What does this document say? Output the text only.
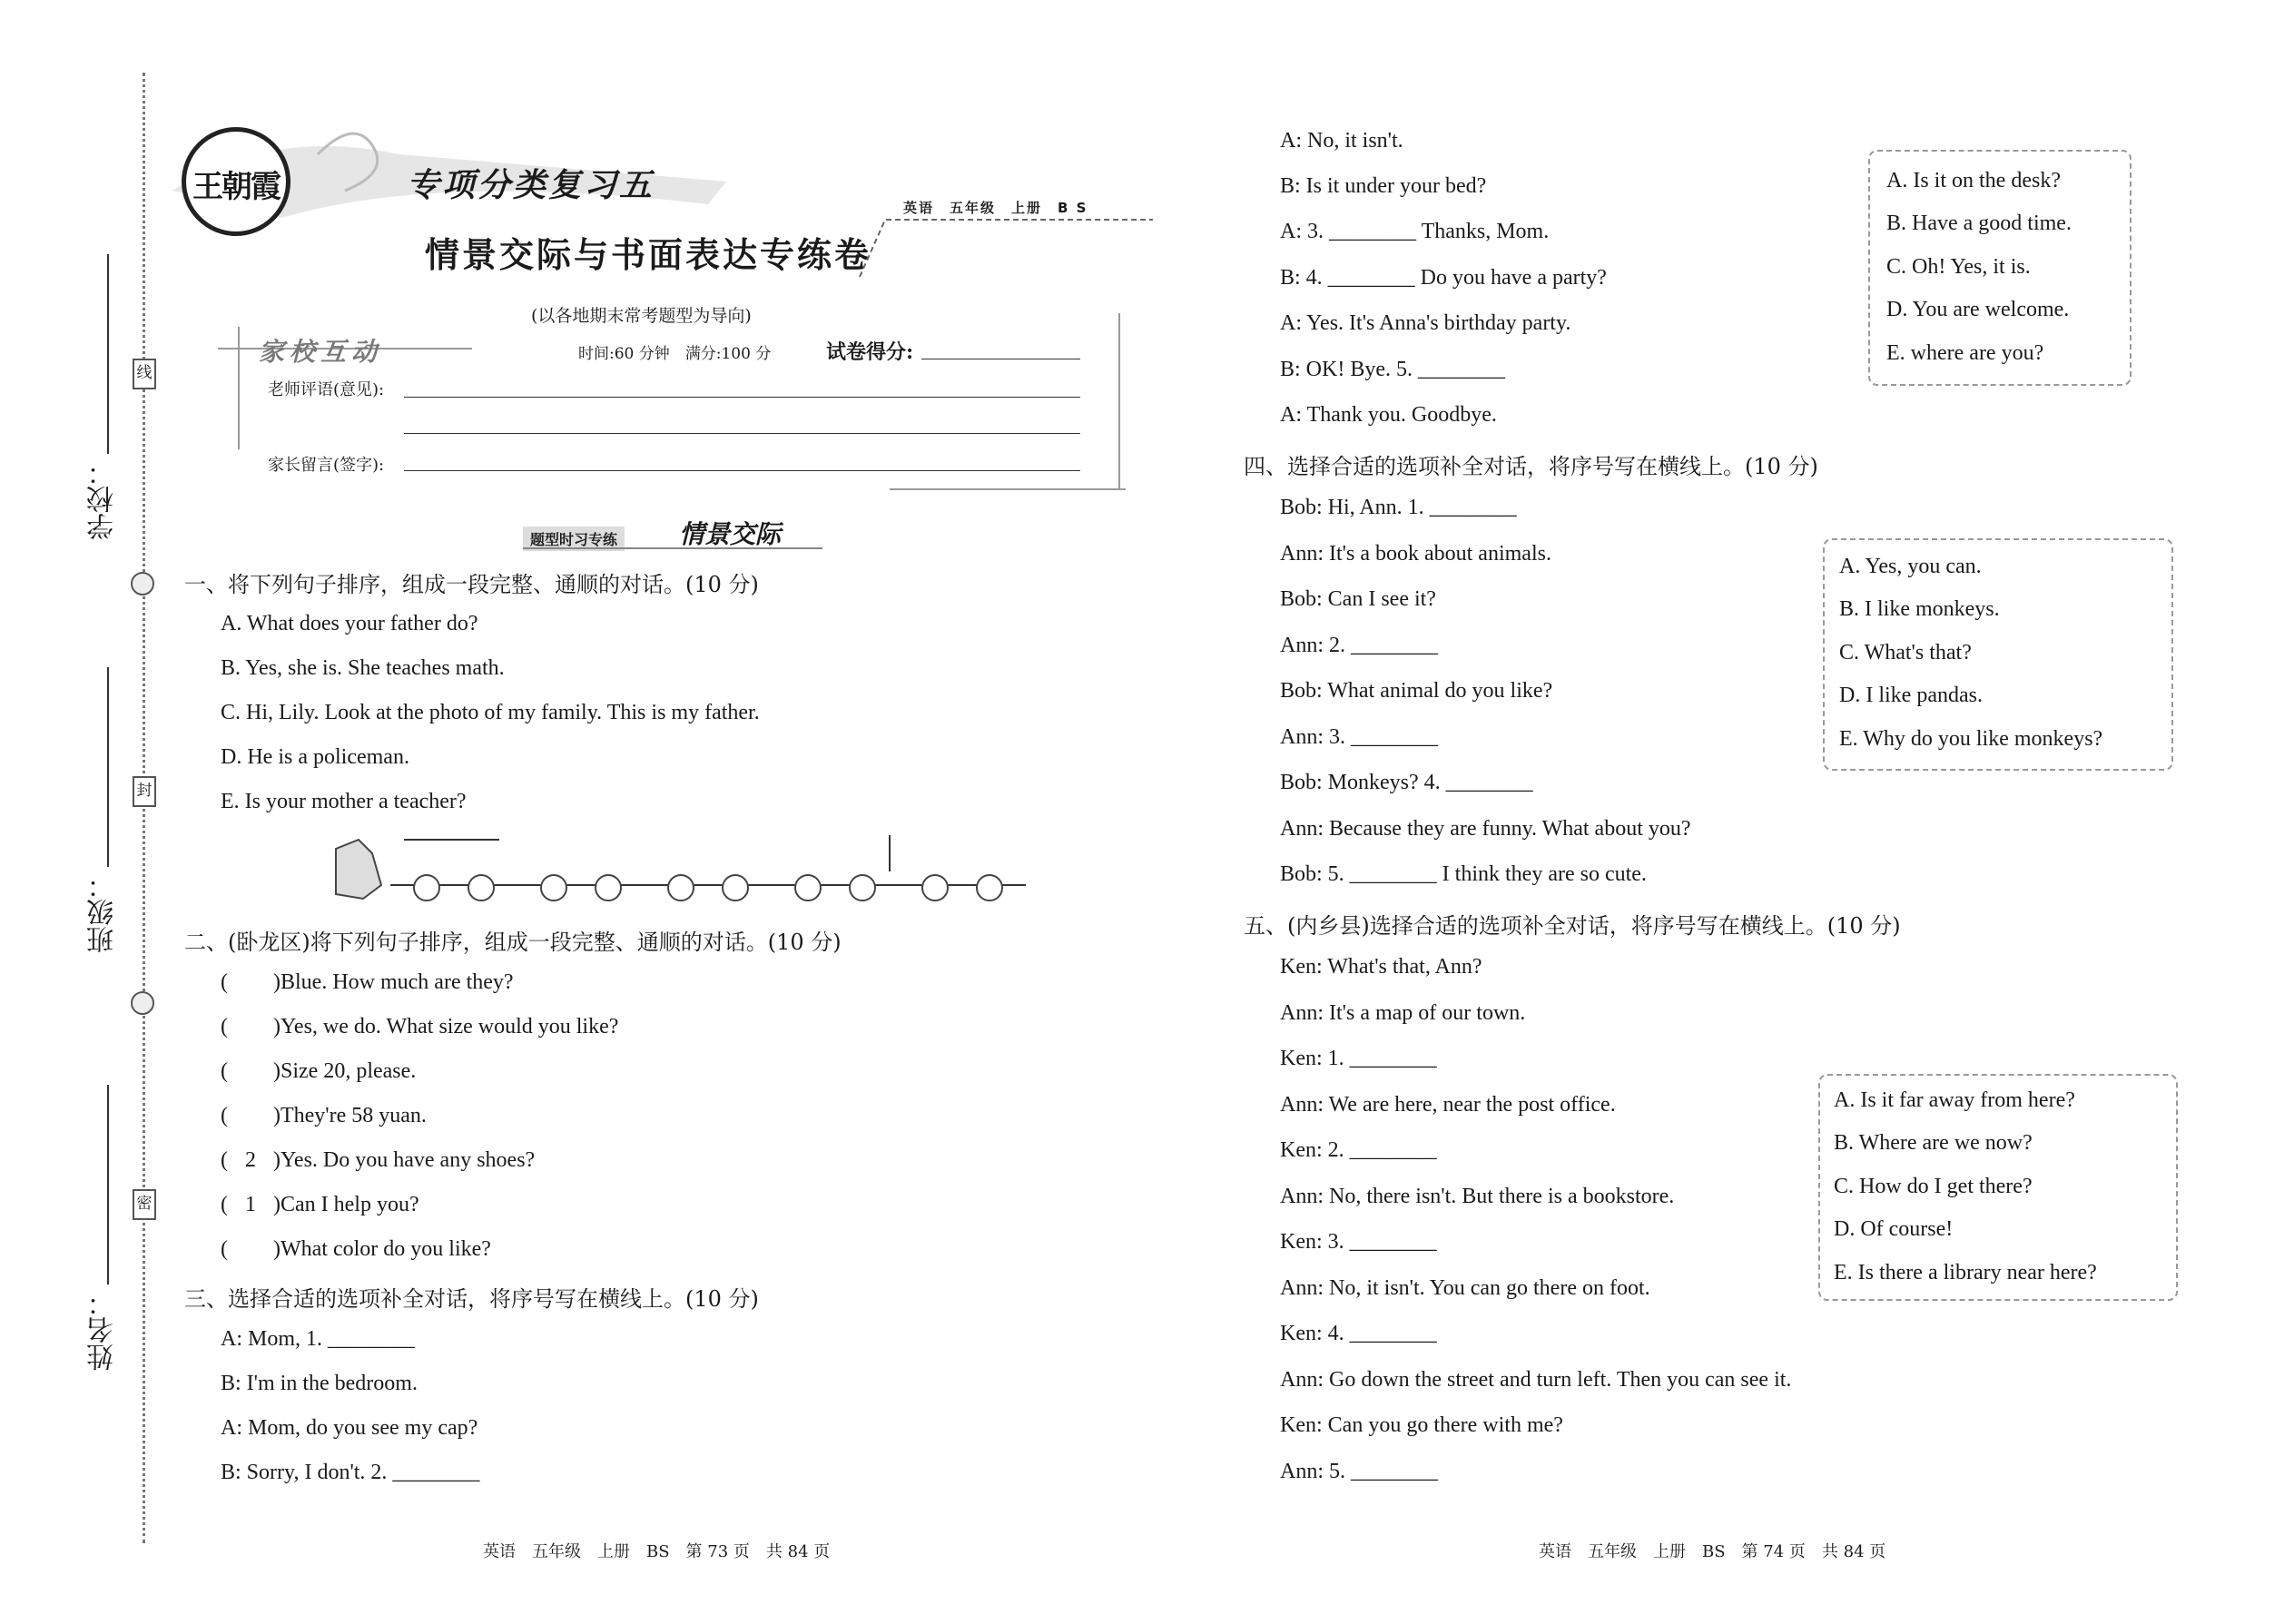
学校：
班级：
姓名：
线
封
密
王朝霞	专项分类复习五
情景交际与书面表达专练卷
英语　五年级　上册　B S
(以各地期末常考题型为导向)
家校互动	时间:60 分钟　满分:100 分	试卷得分:
老师评语(意见):
家长留言(签字):
题型时习专练 情景交际
一、将下列句子排序，组成一段完整、通顺的对话。(10 分)
A. What does your father do?
B. Yes, she is. She teaches math.
C. Hi, Lily. Look at the photo of my family. This is my father.
D. He is a policeman.
E. Is your mother a teacher?
二、(卧龙区)将下列句子排序，组成一段完整、通顺的对话。(10 分)
( )Blue. How much are they?
( )Yes, we do. What size would you like?
( )Size 20, please.
( )They're 58 yuan.
( 2 )Yes. Do you have any shoes?
( 1 )Can I help you?
( )What color do you like?
三、选择合适的选项补全对话，将序号写在横线上。(10 分)
A: Mom, 1. ________
B: I'm in the bedroom.
A: Mom, do you see my cap?
B: Sorry, I don't. 2. ________
英语　五年级　上册　BS　第 73 页　共 84 页
A: No, it isn't.
B: Is it under your bed?
A: 3. ________ Thanks, Mom.
B: 4. ________ Do you have a party?
A: Yes. It's Anna's birthday party.
B: OK! Bye. 5. ________
A: Thank you. Goodbye.
A. Is it on the desk?
B. Have a good time.
C. Oh! Yes, it is.
D. You are welcome.
E. where are you?
四、选择合适的选项补全对话，将序号写在横线上。(10 分)
Bob: Hi, Ann. 1. ________
Ann: It's a book about animals.
Bob: Can I see it?
Ann: 2. ________
Bob: What animal do you like?
Ann: 3. ________
Bob: Monkeys? 4. ________
Ann: Because they are funny. What about you?
Bob: 5. ________ I think they are so cute.
A. Yes, you can.
B. I like monkeys.
C. What's that?
D. I like pandas.
E. Why do you like monkeys?
五、(内乡县)选择合适的选项补全对话，将序号写在横线上。(10 分)
Ken: What's that, Ann?
Ann: It's a map of our town.
Ken: 1. ________
Ann: We are here, near the post office.
Ken: 2. ________
Ann: No, there isn't. But there is a bookstore.
Ken: 3. ________
Ann: No, it isn't. You can go there on foot.
Ken: 4. ________
Ann: Go down the street and turn left. Then you can see it.
Ken: Can you go there with me?
Ann: 5. ________
A. Is it far away from here?
B. Where are we now?
C. How do I get there?
D. Of course!
E. Is there a library near here?
英语　五年级　上册　BS　第 74 页　共 84 页
